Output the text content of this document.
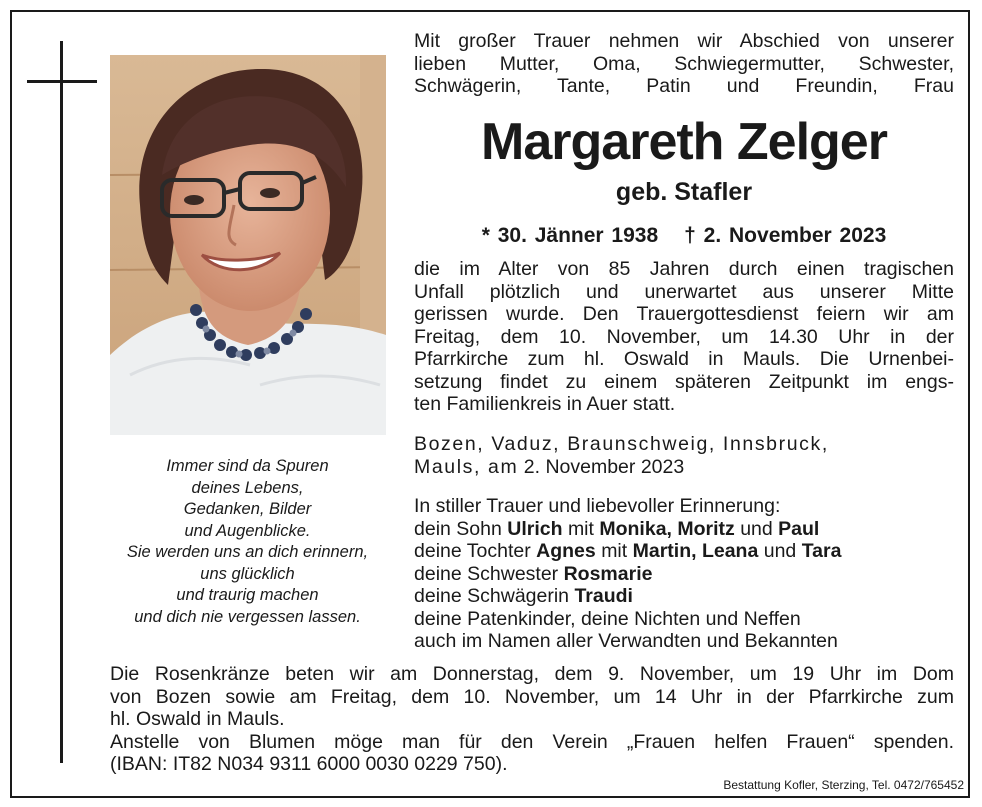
Immer sind da Spuren
deines Lebens,
Gedanken, Bilder
und Augenblicke.
Sie werden uns an dich erinnern,
uns glücklich
und traurig machen
und dich nie vergessen lassen.
Mit großer Trauer nehmen wir Abschied von unserer
lieben Mutter, Oma, Schwiegermutter, Schwester,
Schwägerin, Tante, Patin und Freundin, Frau
Margareth Zelger
geb. Stafler
* 30. Jänner 1938 † 2. November 2023
die im Alter von 85 Jahren durch einen tragischen
Unfall plötzlich und unerwartet aus unserer Mitte
gerissen wurde. Den Trauergottesdienst feiern wir am
Freitag, dem 10. November, um 14.30 Uhr in der
Pfarrkirche zum hl. Oswald in Mauls. Die Urnenbei-
setzung findet zu einem späteren Zeitpunkt im engs-
ten Familienkreis in Auer statt.
Bozen, Vaduz, Braunschweig, Innsbruck,
Mauls, am 2. November 2023
In stiller Trauer und liebevoller Erinnerung:
dein Sohn Ulrich mit Monika, Moritz und Paul
deine Tochter Agnes mit Martin, Leana und Tara
deine Schwester Rosmarie
deine Schwägerin Traudi
deine Patenkinder, deine Nichten und Neffen
auch im Namen aller Verwandten und Bekannten
Die Rosenkränze beten wir am Donnerstag, dem 9. November, um 19 Uhr im Dom
von Bozen sowie am Freitag, dem 10. November, um 14 Uhr in der Pfarrkirche zum
hl. Oswald in Mauls.
Anstelle von Blumen möge man für den Verein „Frauen helfen Frauen“ spenden.
(IBAN: IT82 N034 9311 6000 0030 0229 750).
Bestattung Kofler, Sterzing, Tel. 0472/765452
